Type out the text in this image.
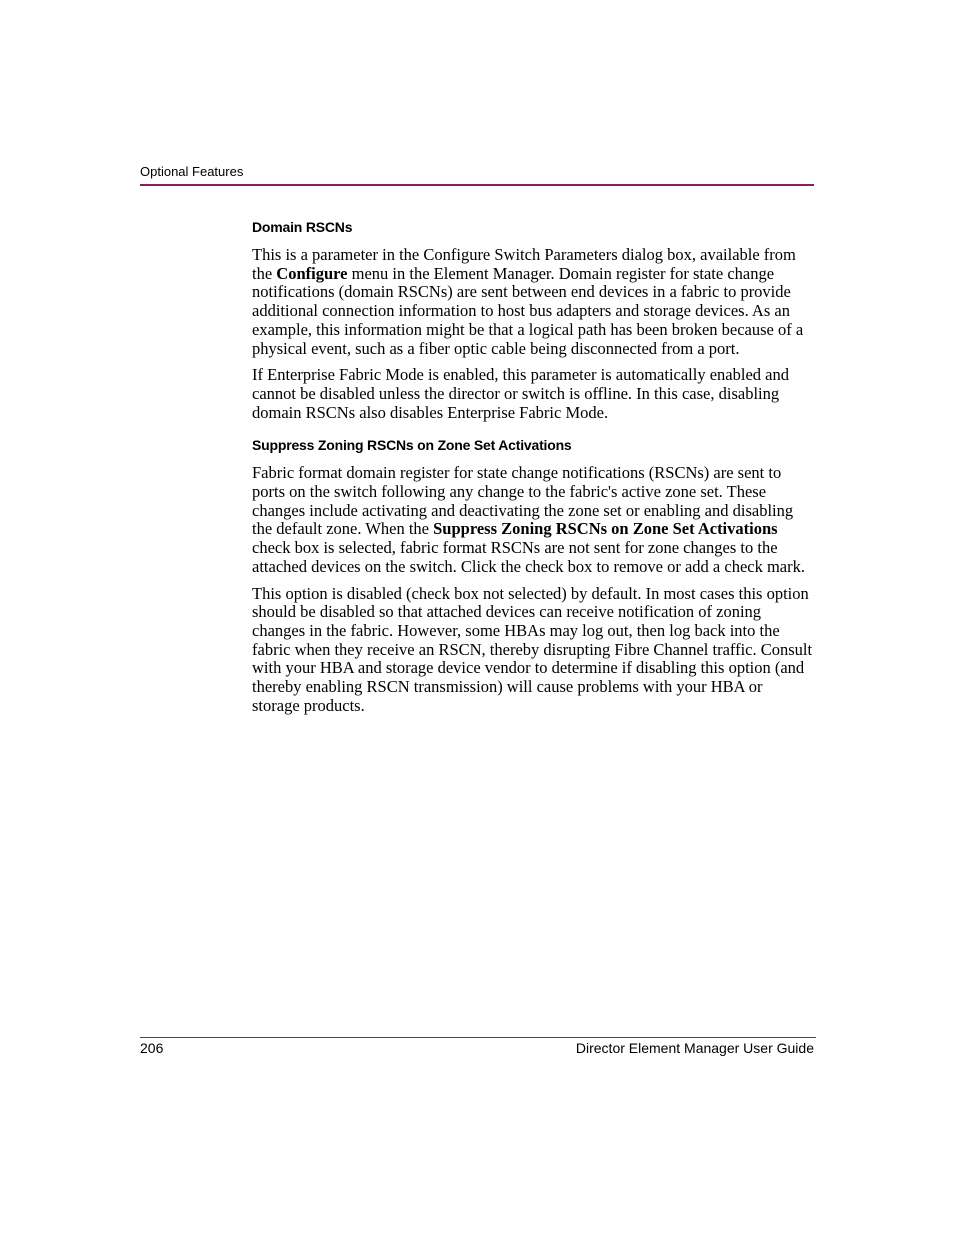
Optional Features
Domain RSCNs

This is a parameter in the Configure Switch Parameters dialog box, available from the Configure menu in the Element Manager. Domain register for state change notifications (domain RSCNs) are sent between end devices in a fabric to provide additional connection information to host bus adapters and storage devices. As an example, this information might be that a logical path has been broken because of a physical event, such as a fiber optic cable being disconnected from a port.

If Enterprise Fabric Mode is enabled, this parameter is automatically enabled and cannot be disabled unless the director or switch is offline. In this case, disabling domain RSCNs also disables Enterprise Fabric Mode.

Suppress Zoning RSCNs on Zone Set Activations

Fabric format domain register for state change notifications (RSCNs) are sent to ports on the switch following any change to the fabric's active zone set. These changes include activating and deactivating the zone set or enabling and disabling the default zone. When the Suppress Zoning RSCNs on Zone Set Activations check box is selected, fabric format RSCNs are not sent for zone changes to the attached devices on the switch. Click the check box to remove or add a check mark.

This option is disabled (check box not selected) by default. In most cases this option should be disabled so that attached devices can receive notification of zoning changes in the fabric. However, some HBAs may log out, then log back into the fabric when they receive an RSCN, thereby disrupting Fibre Channel traffic. Consult with your HBA and storage device vendor to determine if disabling this option (and thereby enabling RSCN transmission) will cause problems with your HBA or storage products.

206	Director Element Manager User Guide
